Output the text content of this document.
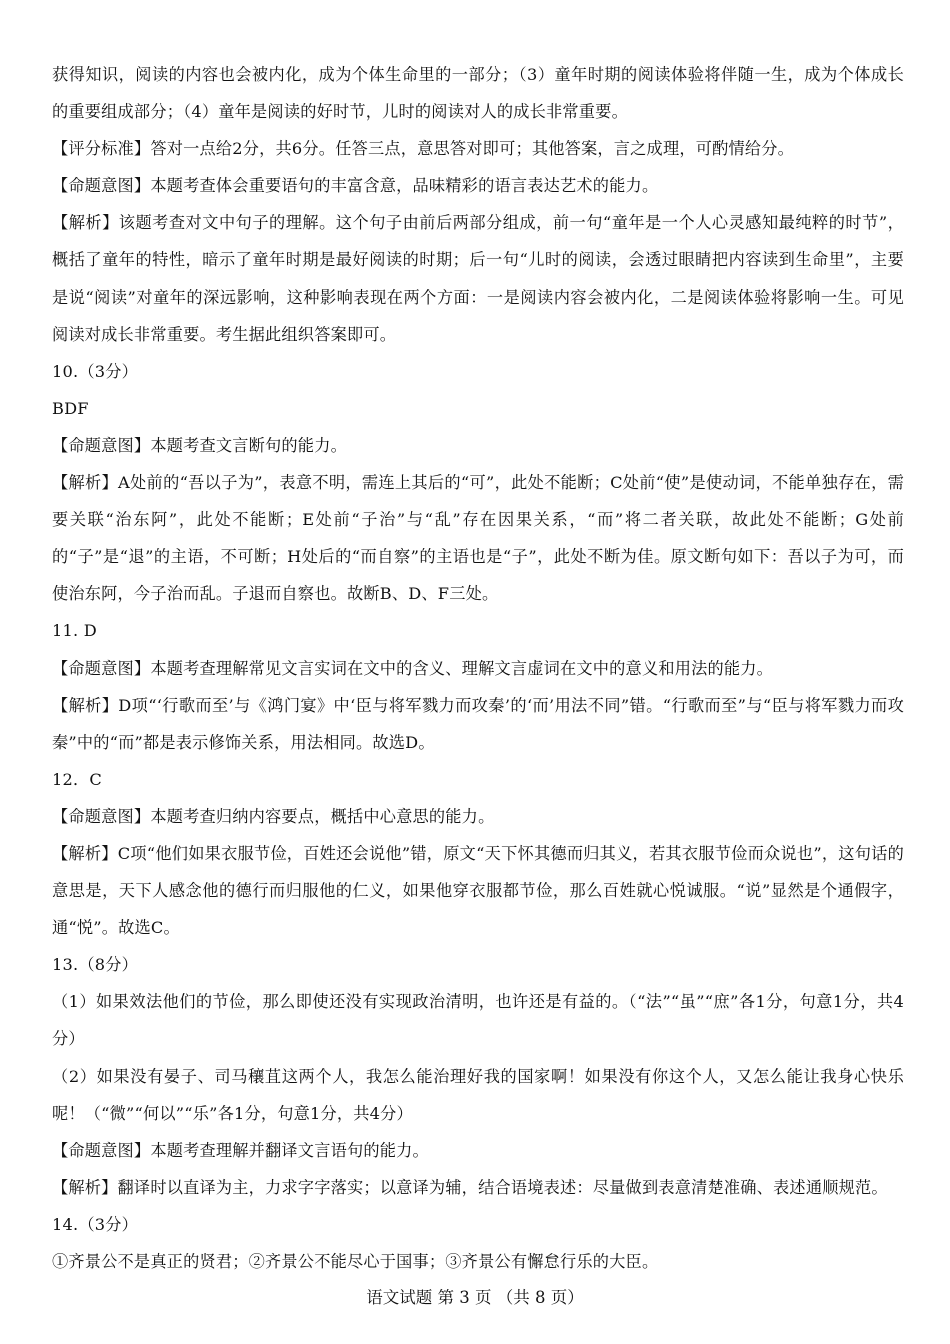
获得知识，阅读的内容也会被内化，成为个体生命里的一部分；（3）童年时期的阅读体验将伴随一生，成为个体成长的重要组成部分；（4）童年是阅读的好时节，儿时的阅读对人的成长非常重要。

【评分标准】答对一点给2分，共6分。任答三点，意思答对即可；其他答案，言之成理，可酌情给分。

【命题意图】本题考查体会重要语句的丰富含意，品味精彩的语言表达艺术的能力。

【解析】该题考查对文中句子的理解。这个句子由前后两部分组成，前一句“童年是一个人心灵感知最纯粹的时节”，概括了童年的特性，暗示了童年时期是最好阅读的时期；后一句“儿时的阅读，会透过眼睛把内容读到生命里”，主要是说“阅读”对童年的深远影响，这种影响表现在两个方面：一是阅读内容会被内化，二是阅读体验将影响一生。可见阅读对成长非常重要。考生据此组织答案即可。

10.（3分）

BDF

【命题意图】本题考查文言断句的能力。

【解析】A处前的“吾以子为”，表意不明，需连上其后的“可”，此处不能断；C处前“使”是使动词，不能单独存在，需要关联“治东阿”，此处不能断；E处前“子治”与“乱”存在因果关系，“而”将二者关联，故此处不能断；G处前的“子”是“退”的主语，不可断；H处后的“而自察”的主语也是“子”，此处不断为佳。原文断句如下：吾以子为可，而使治东阿，今子治而乱。子退而自察也。故断B、D、F三处。

11. D

【命题意图】本题考查理解常见文言实词在文中的含义、理解文言虚词在文中的意义和用法的能力。

【解析】D项“‘行歌而至’与《鸿门宴》中‘臣与将军戮力而攻秦’的‘而’用法不同”错。“行歌而至”与“臣与将军戮力而攻秦”中的“而”都是表示修饰关系，用法相同。故选D。

12．C

【命题意图】本题考查归纳内容要点，概括中心意思的能力。

【解析】C项“他们如果衣服节俭，百姓还会说他”错，原文“天下怀其德而归其义，若其衣服节俭而众说也”，这句话的意思是，天下人感念他的德行而归服他的仁义，如果他穿衣服都节俭，那么百姓就心悦诚服。“说”显然是个通假字，通“悦”。故选C。

13.（8分）

（1）如果效法他们的节俭，那么即使还没有实现政治清明，也许还是有益的。（“法”“虽”“庶”各1分，句意1分，共4分）

（2）如果没有晏子、司马穰苴这两个人，我怎么能治理好我的国家啊！如果没有你这个人，又怎么能让我身心快乐呢！（“微”“何以”“乐”各1分，句意1分，共4分）

【命题意图】本题考查理解并翻译文言语句的能力。

【解析】翻译时以直译为主，力求字字落实；以意译为辅，结合语境表述：尽量做到表意清楚准确、表述通顺规范。

14.（3分）

①齐景公不是真正的贤君；②齐景公不能尽心于国事；③齐景公有懈怠行乐的大臣。

语文试题 第 3 页 （共 8 页）
